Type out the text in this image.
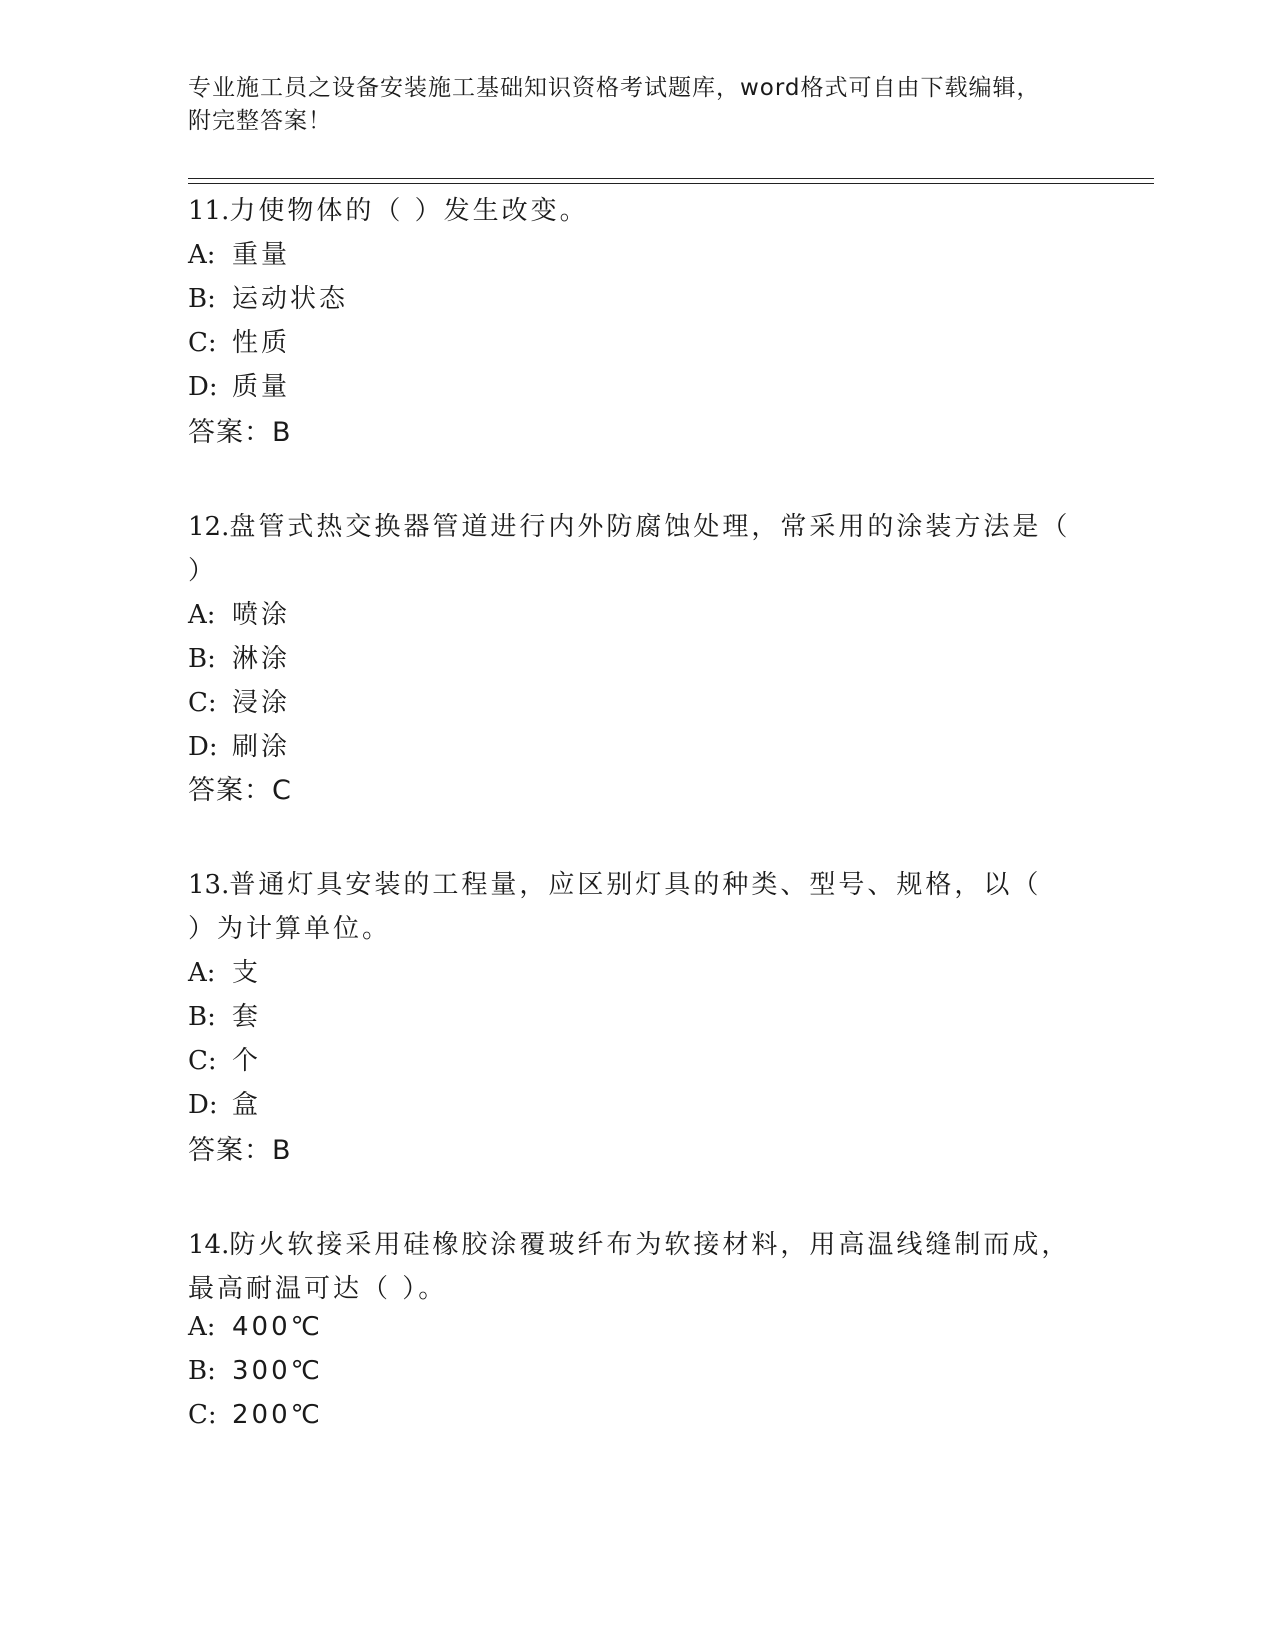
专业施工员之设备安装施工基础知识资格考试题库，word格式可自由下载编辑，
附完整答案！
11.力使物体的（ ）发生改变。
A: 重量
B: 运动状态
C: 性质
D: 质量
答案：B
12.盘管式热交换器管道进行内外防腐蚀处理，常采用的涂装方法是（
）
A: 喷涂
B: 淋涂
C: 浸涂
D: 刷涂
答案：C
13.普通灯具安装的工程量，应区别灯具的种类、型号、规格，以（
）为计算单位。
A: 支
B: 套
C: 个
D: 盒
答案：B
14.防火软接采用硅橡胶涂覆玻纤布为软接材料，用高温线缝制而成，
最高耐温可达（ ）。
A: 400℃
B: 300℃
C: 200℃
